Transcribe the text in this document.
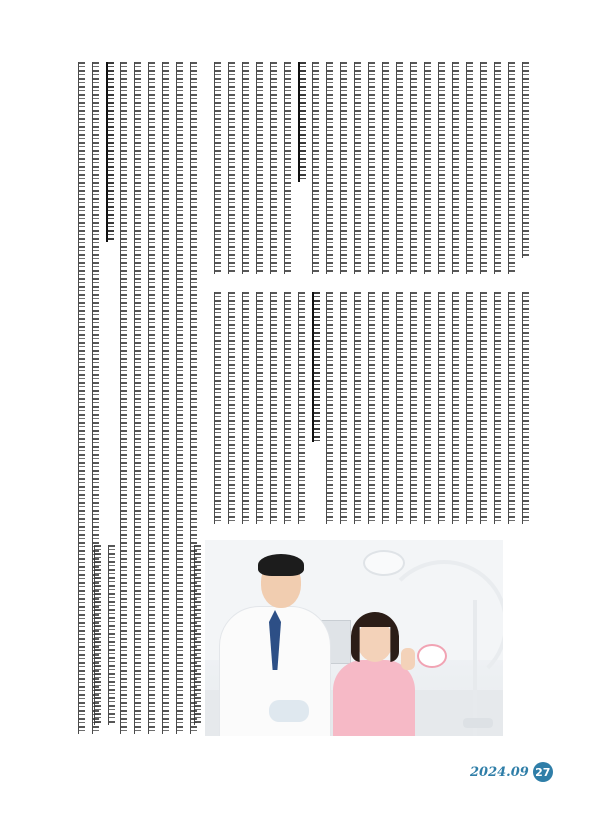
2024.09 27
